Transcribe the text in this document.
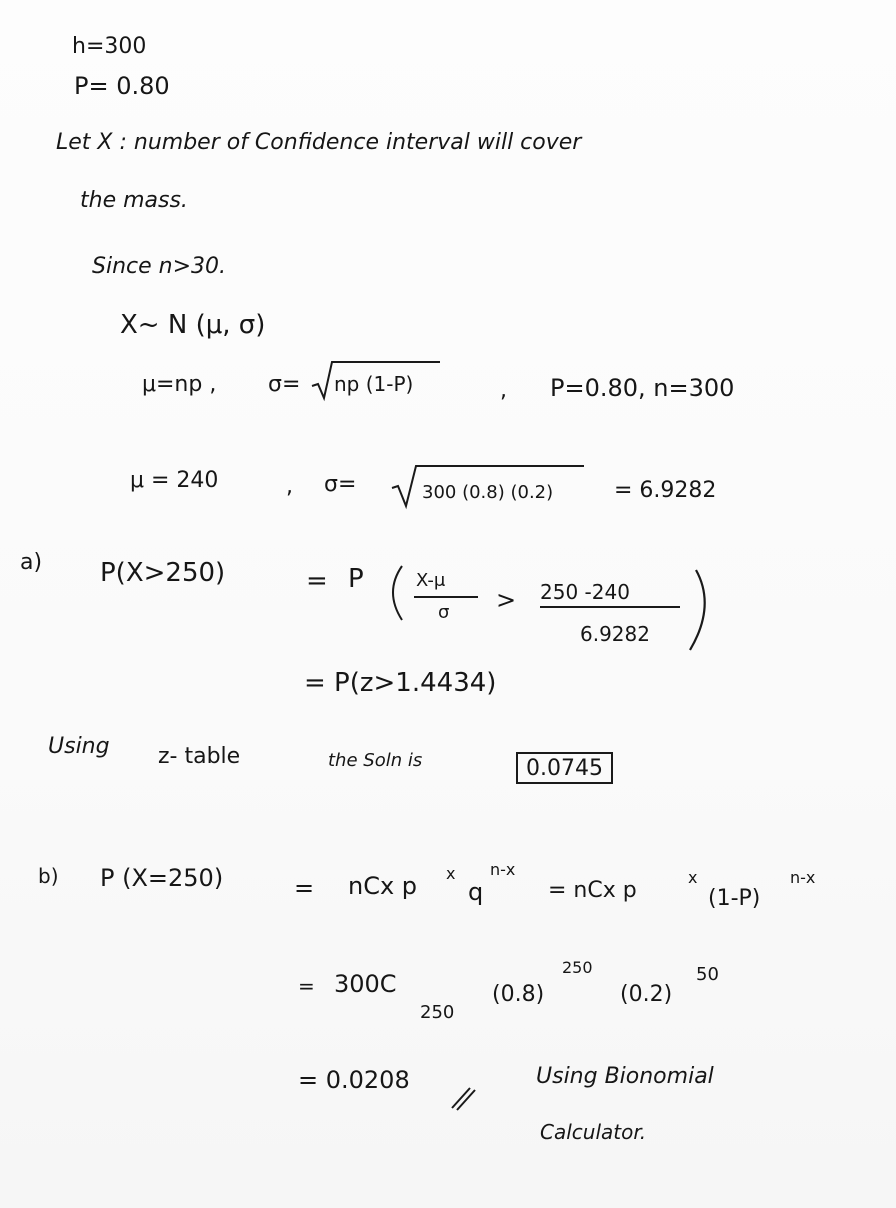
h=300
P= 0.80
Let X : number of Confidence interval will cover
the mass.
Since n>30.
X~ N (μ, σ)
μ=np , σ= np (1-P)	, P=0.80, n=300
μ = 240	, σ=	300 (0.8) (0.2)	= 6.9282
a) P(X>250)	= P	X-μ
σ > 250 -240
6.9282
= P(z>1.4434)
Using z- table	the Soln is	0.0745
b) P (X=250)	= nCx p x
q
n-x
= nCx p
x
(1-P)
n-x
= 300C
250
(0.8)
250
(0.2)
50
= 0.0208	Using Bionomial
Calculator.
